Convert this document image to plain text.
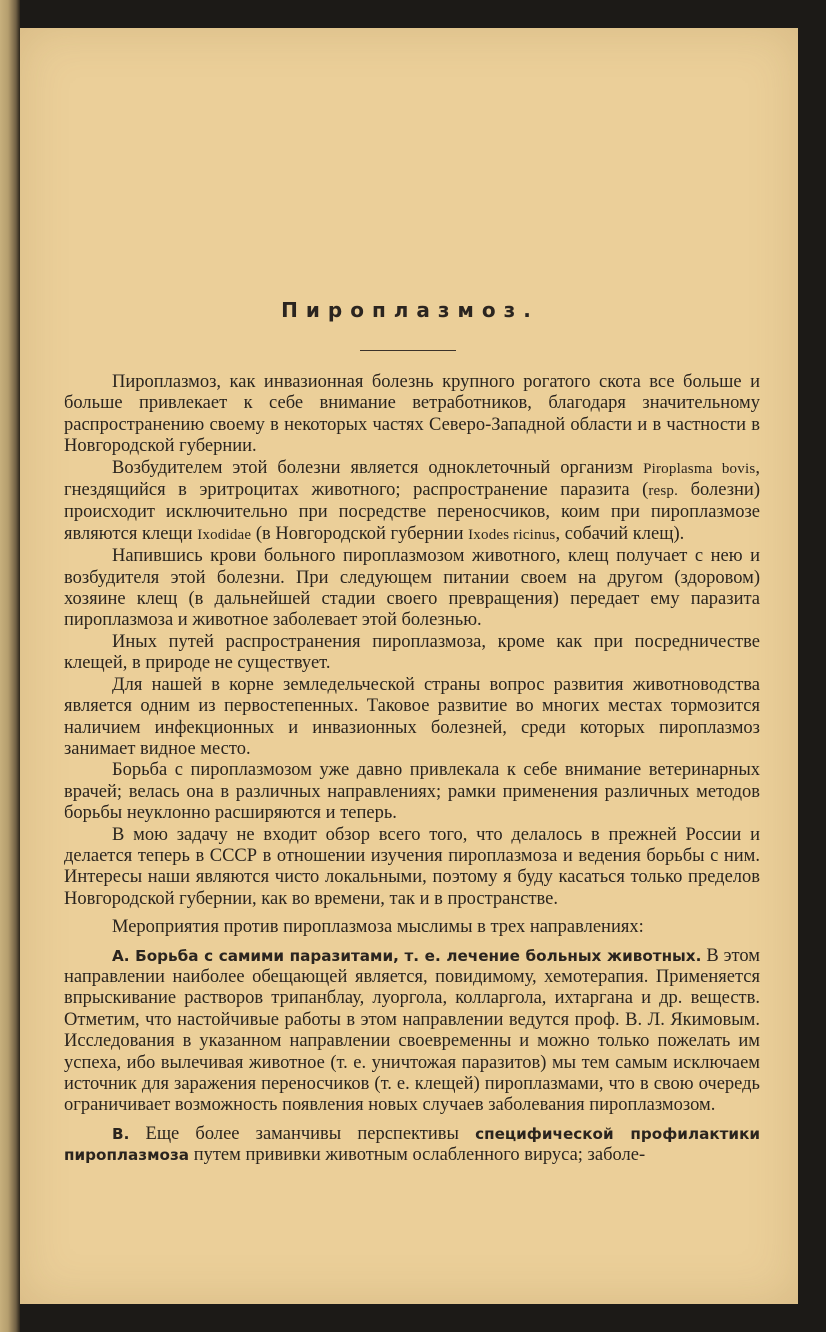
Пироплазмоз.

Пироплазмоз, как инвазионная болезнь крупного рогатого скота все больше и больше привлекает к себе внимание ветработников, благодаря значительному распространению своему в некоторых частях Северо-Западной области и в частности в Новгородской губернии.

Возбудителем этой болезни является одноклеточный организм Piroplasma bovis, гнездящийся в эритроцитах животного; распространение паразита (resp. болезни) происходит исключительно при посредстве переносчиков, коим при пироплазмозе являются клещи Ixodidae (в Новгородской губернии Ixodes ricinus, собачий клещ).

Напившись крови больного пироплазмозом животного, клещ получает с нею и возбудителя этой болезни. При следующем питании своем на другом (здоровом) хозяине клещ (в дальнейшей стадии своего превращения) передает ему паразита пироплазмоза и животное заболевает этой болезнью.

Иных путей распространения пироплазмоза, кроме как при посредничестве клещей, в природе не существует.

Для нашей в корне земледельческой страны вопрос развития животноводства является одним из первостепенных. Таковое развитие во многих местах тормозится наличием инфекционных и инвазионных болезней, среди которых пироплазмоз занимает видное место.

Борьба с пироплазмозом уже давно привлекала к себе внимание ветеринарных врачей; велась она в различных направлениях; рамки применения различных методов борьбы неуклонно расширяются и теперь.

В мою задачу не входит обзор всего того, что делалось в прежней России и делается теперь в СССР в отношении изучения пироплазмоза и ведения борьбы с ним. Интересы наши являются чисто локальными, поэтому я буду касаться только пределов Новгородской губернии, как во времени, так и в пространстве.

Мероприятия против пироплазмоза мыслимы в трех направлениях:

А. Борьба с самими паразитами, т. е. лечение больных животных. В этом направлении наиболее обещающей является, повидимому, хемотерапия. Применяется впрыскивание растворов трипанблау, луоргола, колларгола, ихтаргана и др. веществ. Отметим, что настойчивые работы в этом направлении ведутся проф. В. Л. Якимовым. Исследования в указанном направлении своевременны и можно только пожелать им успеха, ибо вылечивая животное (т. е. уничтожая паразитов) мы тем самым исключаем источник для заражения переносчиков (т. е. клещей) пироплазмами, что в свою очередь ограничивает возможность появления новых случаев заболевания пироплазмозом.

В. Еще более заманчивы перспективы специфической профилактики пироплазмоза путем прививки животным ослабленного вируса; заболе-
